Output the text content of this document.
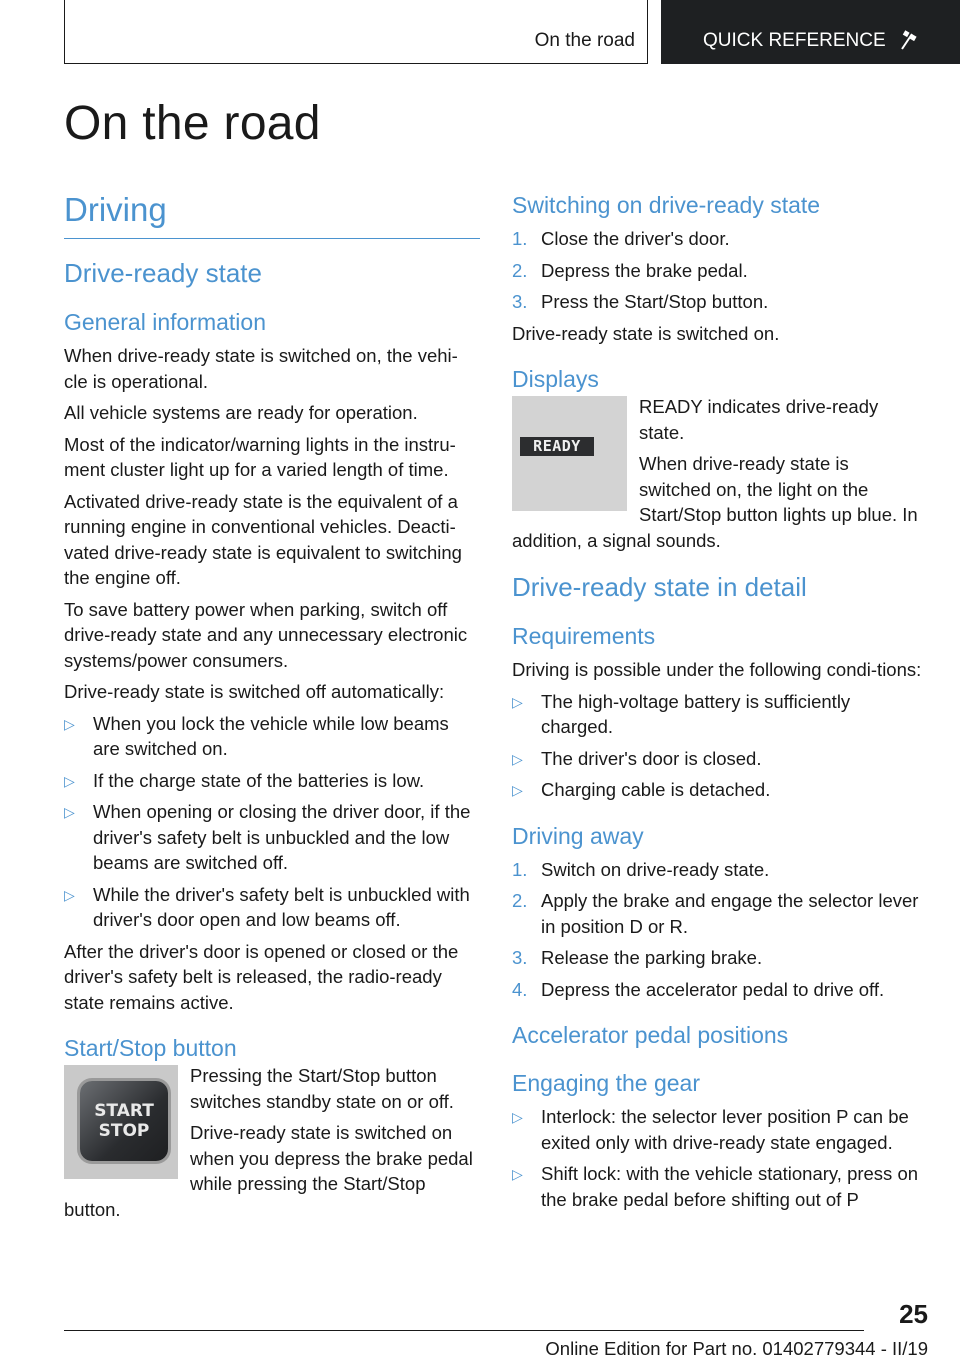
On the road	QUICK REFERENCE
On the road
Driving
Drive-ready state
General information

When drive-ready state is switched on, the vehi-cle is operational.

All vehicle systems are ready for operation.

Most of the indicator/warning lights in the instru-ment cluster light up for a varied length of time.

Activated drive-ready state is the equivalent of a running engine in conventional vehicles. Deacti-vated drive-ready state is equivalent to switching the engine off.

To save battery power when parking, switch off drive-ready state and any unnecessary electronic systems/power consumers.

Drive-ready state is switched off automatically:

▷ When you lock the vehicle while low beams are switched on.
▷ If the charge state of the batteries is low.
▷ When opening or closing the driver door, if the driver's safety belt is unbuckled and the low beams are switched off.
▷ While the driver's safety belt is unbuckled with driver's door open and low beams off.

After the driver's door is opened or closed or the driver's safety belt is released, the radio-ready state remains active.

Start/Stop button
START
STOP

Pressing the Start/Stop button switches standby state on or off.

Drive-ready state is switched on when you depress the brake pedal while pressing the Start/Stop button.

Switching on drive-ready state
1. Close the driver's door.
2. Depress the brake pedal.
3. Press the Start/Stop button.

Drive-ready state is switched on.

Displays
READY

READY indicates drive-ready state.

When drive-ready state is switched on, the light on the Start/Stop button lights up blue. In addition, a signal sounds.

Drive-ready state in detail
Requirements

Driving is possible under the following condi-tions:

▷ The high-voltage battery is sufficiently charged.
▷ The driver's door is closed.
▷ Charging cable is detached.
Driving away
1. Switch on drive-ready state.
2. Apply the brake and engage the selector lever in position D or R.
3. Release the parking brake.
4. Depress the accelerator pedal to drive off.
Accelerator pedal positions
Engaging the gear
▷ Interlock: the selector lever position P can be exited only with drive-ready state engaged.
▷ Shift lock: with the vehicle stationary, press on the brake pedal before shifting out of P
25
Online Edition for Part no. 01402779344 - II/19
